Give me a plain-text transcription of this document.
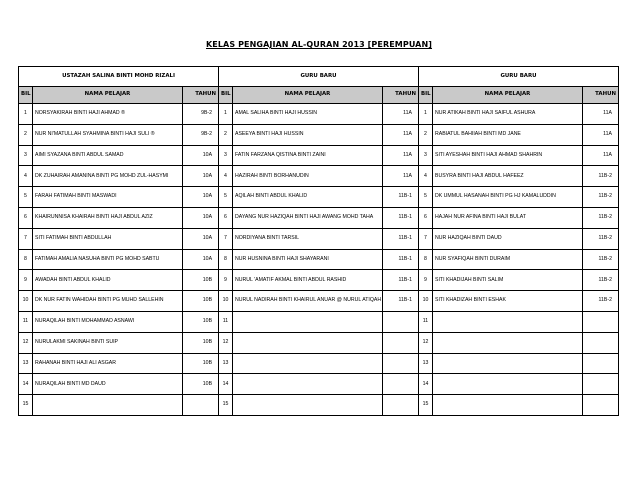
KELAS PENGAJIAN AL-QURAN 2013 [PEREMPUAN]
USTAZAH SALINA BINTI MOHD RIZALI		
BIL	NAMA PELAJAR	TAHUN
1	NORSYAKIRAH BINTI HAJI AHMAD ®	9B-2
2	NUR NI'MATULLAH SYAHMINA BINTI HAJI SULI ®	9B-2
3	AIMI SYAZANA BINTI ABDUL SAMAD	10A
4	DK ZUHAIRAH AMANINA BINTI PG MOHD ZUL-HASYMI	10A
5	FARAH FATIMAH BINTI MASWADI	10A
6	KHAIRUNNISA KHAIRAH BINTI HAJI ABDUL AZIZ	10A
7	SITI FATIMAH BINTI ABDULLAH	10A
8	FATIMAH AMALIA NASUHA BINTI PG MOHD SABTU	10A
9	AWADAH BINTI ABDUL KHALID	10B
10	DK NUR FATIN WAHIDAH BINTI PG MUHD SALLEHIN	10B
11	NURAQILAH BINTI MOHAMMAD ASNAWI	10B
12	NURULAKMI SAKINAH BINTI SUIP	10B
13	RAHANAH BINTI HAJI ALI ASGAR	10B
14	NURAQILAH BINTI MD DAUD	10B
15		
GURU BARU		
BIL	NAMA PELAJAR	TAHUN
1	AMAL SALIHA BINTI HAJI HUSSIN	11A
2	ASEEYA BINTI HAJI HUSSIN	11A
3	FATIN FARZANA QISTINA BINTI ZAINI	11A
4	HAZIRAH BINTI BORHANUDIN	11A
5	AQILAH BINTI ABDUL KHALID	11B-1
6	DAYANG NUR HAZIQAH BINTI HAJI AWANG MOHD TAHA	11B-1
7	NORDIYANA BINTI TARSIL	11B-1
8	NUR HUSNINA BINTI HAJI SHAYARANI	11B-1
9	NURUL 'AMATIF AKMAL BINTI ABDUL RASHID	11B-1
10	NURUL NADIRAH BINTI KHAIRUL ANUAR @ NURUL ATIQAH	11B-1
11		
12		
13		
14		
15		
GURU BARU		
BIL	NAMA PELAJAR	TAHUN
1	NUR ATIKAH BINTI HAJI SAIFUL ASHURA	11A
2	RABIATUL BAHIIAH BINTI MD JANE	11A
3	SITI AYESHAH BINTI HAJI AHMAD SHAHRIN	11A
4	BUSYRA BINTI HAJI ABDUL HAFEEZ	11B-2
5	DK UMMUL HASANAH BINTI PG HJ KAMALUDDIN	11B-2
6	HAJAH NUR AFINA BINTI HAJI BULAT	11B-2
7	NUR HAZIQAH BINTI DAUD	11B-2
8	NUR SYAFIQAH BINTI DURAIM	11B-2
9	SITI KHADIJAH BINTI SALIM	11B-2
10	SITI KHADIZAH BINTI ESHAK	11B-2
11		
12		
13		
14		
15		
